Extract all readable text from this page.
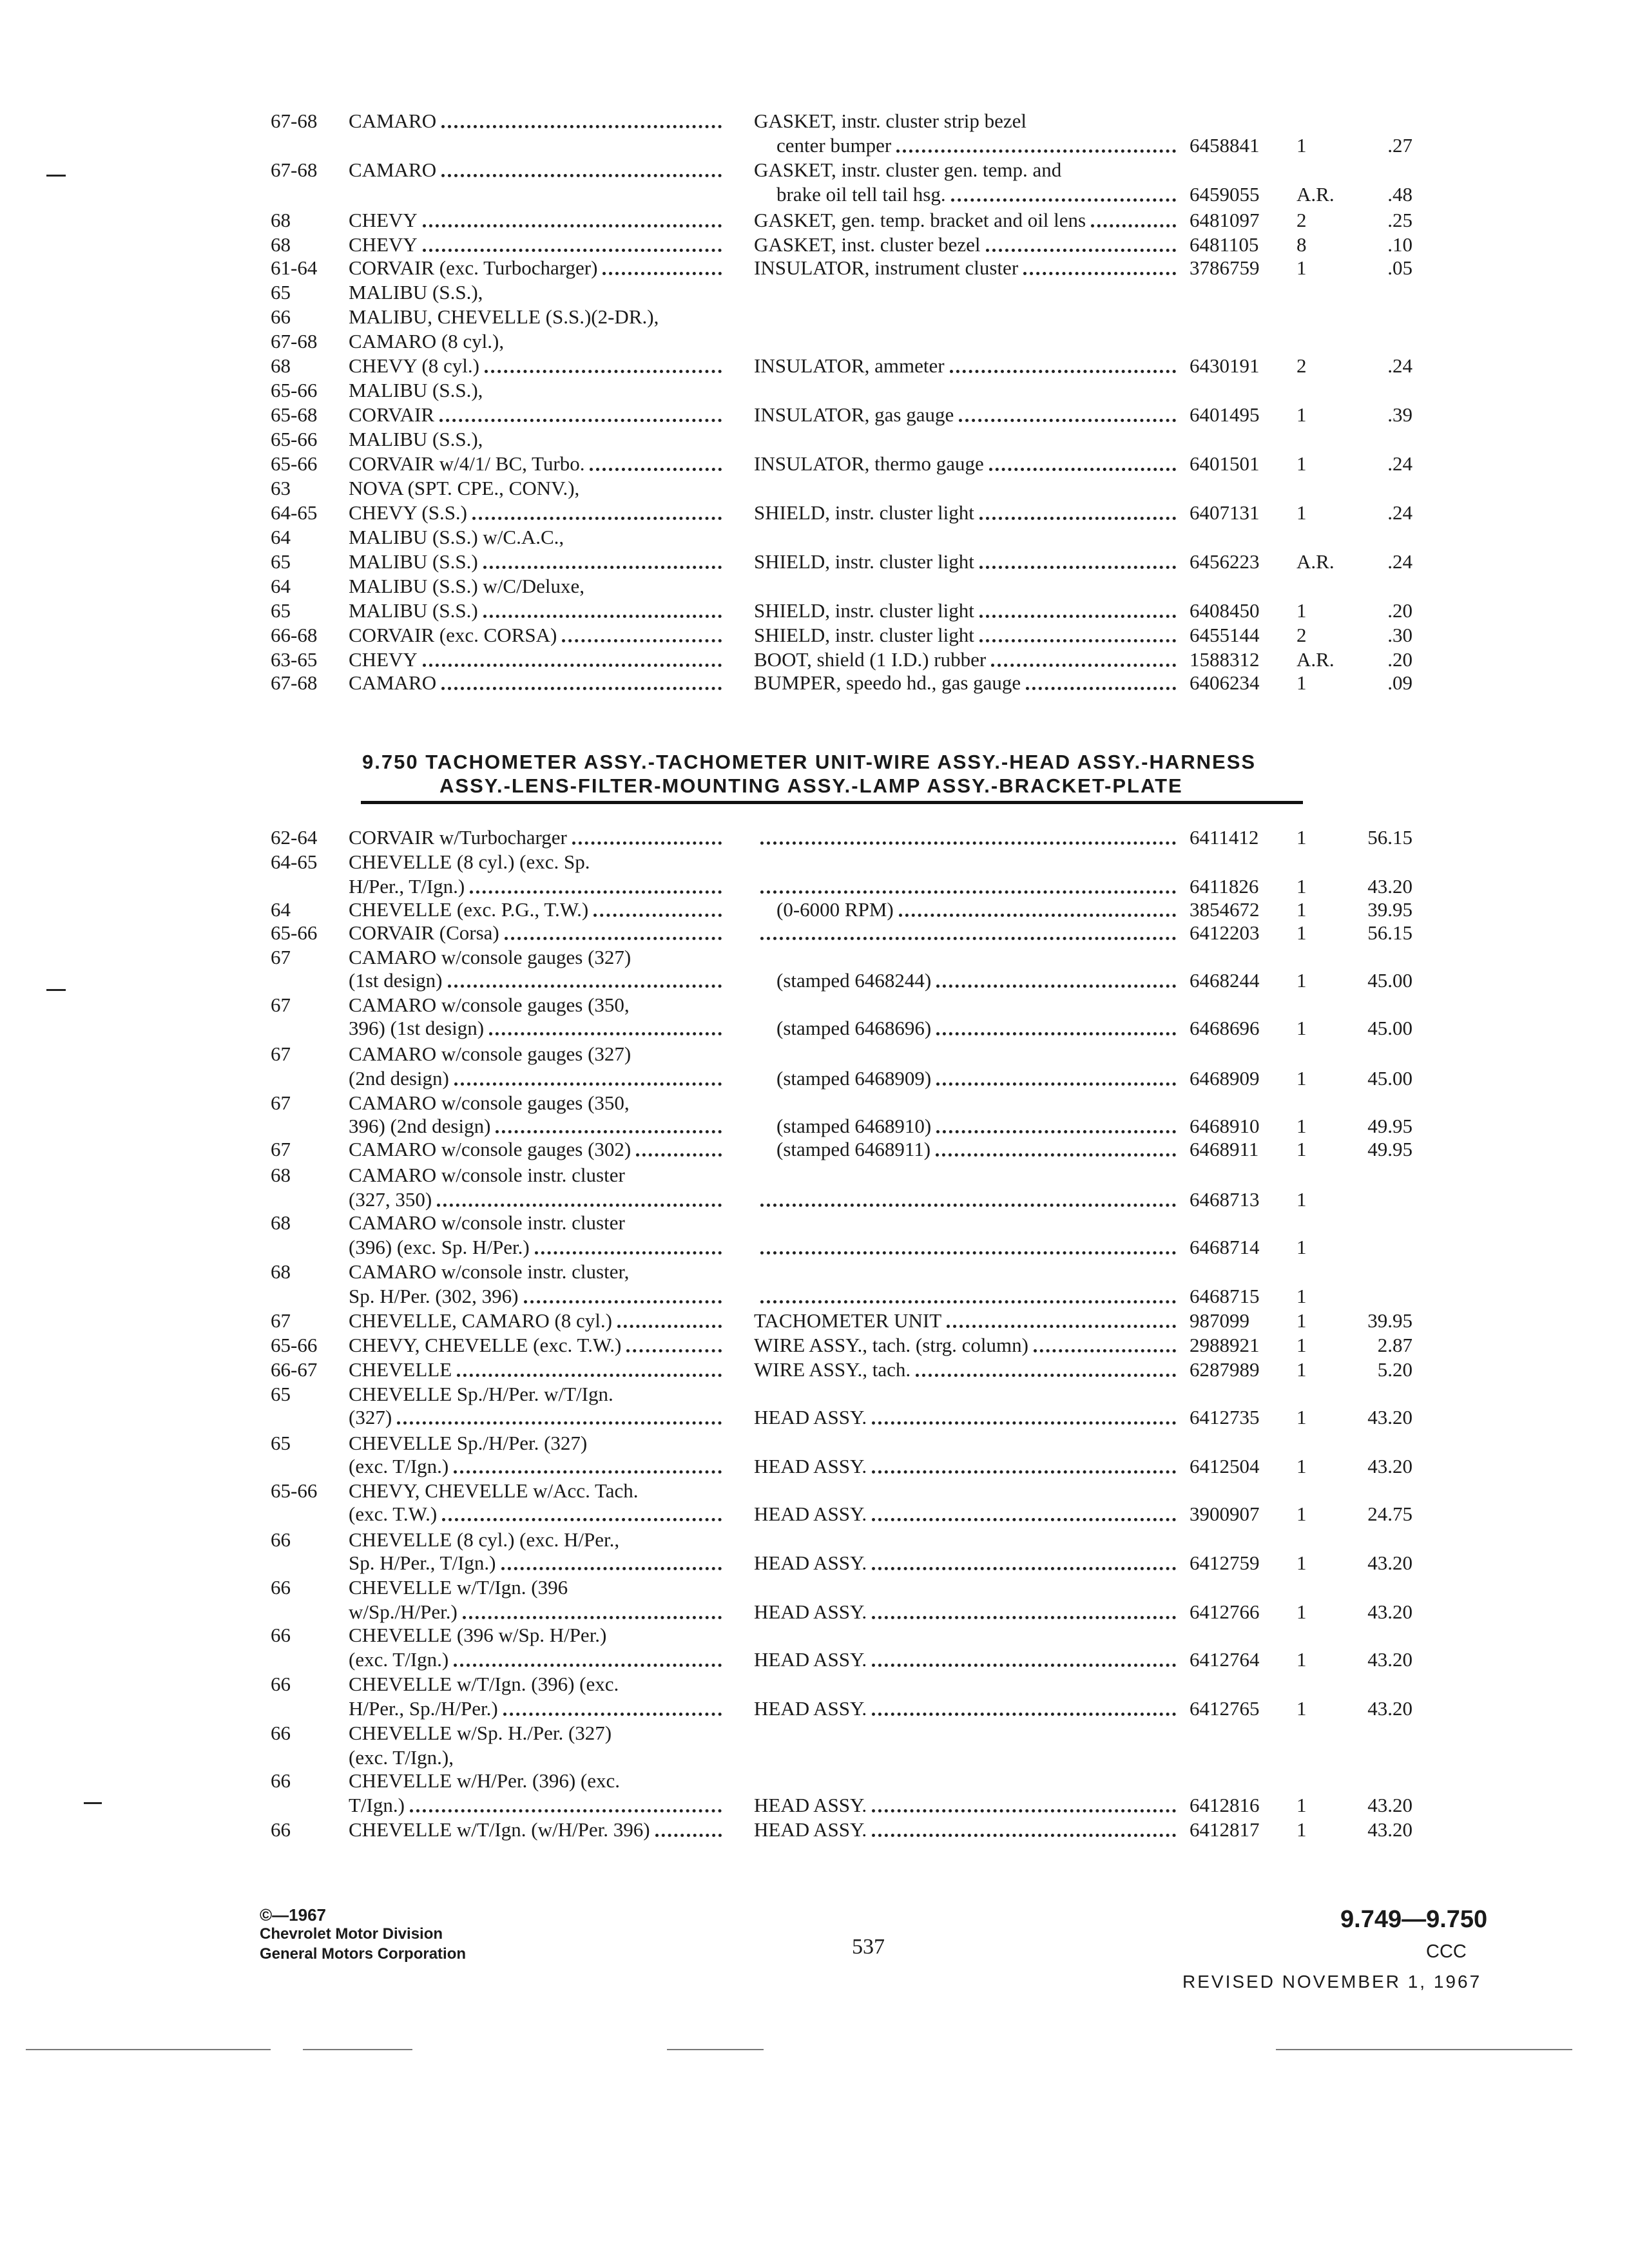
67-68 CAMARO	GASKET, instr. cluster strip bezel
center bumper	6458841 1	.27
67-68 CAMARO	GASKET, instr. cluster gen. temp. and
brake oil tell tail hsg.	6459055 A.R.	.48
68	CHEVY	GASKET, gen. temp. bracket and oil lens	6481097 2	.25
68	CHEVY	GASKET, inst. cluster bezel	6481105 8	.10
61-64 CORVAIR (exc. Turbocharger)	INSULATOR, instrument cluster	3786759 1	.05
65	MALIBU (S.S.),
66	MALIBU, CHEVELLE (S.S.)(2-DR.),
67-68 CAMARO (8 cyl.),
68	CHEVY (8 cyl.)	INSULATOR, ammeter	6430191 2	.24
65-66 MALIBU (S.S.),
65-68 CORVAIR	INSULATOR, gas gauge	6401495 1	.39
65-66 MALIBU (S.S.),
65-66 CORVAIR w/4/1/ BC, Turbo.	INSULATOR, thermo gauge	6401501 1	.24
63	NOVA (SPT. CPE., CONV.),
64-65 CHEVY (S.S.)	SHIELD, instr. cluster light	6407131 1	.24
64	MALIBU (S.S.) w/C.A.C.,
65	MALIBU (S.S.)	SHIELD, instr. cluster light	6456223 A.R.	.24
64	MALIBU (S.S.) w/C/Deluxe,
65	MALIBU (S.S.)	SHIELD, instr. cluster light	6408450 1	.20
66-68 CORVAIR (exc. CORSA)	SHIELD, instr. cluster light	6455144 2	.30
63-65 CHEVY	BOOT, shield (1 I.D.) rubber	1588312 A.R.	.20
67-68 CAMARO	BUMPER, speedo hd., gas gauge	6406234 1	.09
9.750 TACHOMETER ASSY.-TACHOMETER UNIT-WIRE ASSY.-HEAD ASSY.-HARNESS
ASSY.-LENS-FILTER-MOUNTING ASSY.-LAMP ASSY.-BRACKET-PLATE
62-64 CORVAIR w/Turbocharger	6411412 1	56.15
64-65 CHEVELLE (8 cyl.) (exc. Sp.
H/Per., T/Ign.)	6411826 1	43.20
64	CHEVELLE (exc. P.G., T.W.)	(0-6000 RPM)	3854672 1	39.95
65-66 CORVAIR (Corsa)	6412203 1	56.15
67	CAMARO w/console gauges (327)
(1st design)	(stamped 6468244)	6468244 1	45.00
67	CAMARO w/console gauges (350,
396) (1st design)	(stamped 6468696)	6468696 1	45.00
67	CAMARO w/console gauges (327)
(2nd design)	(stamped 6468909)	6468909 1	45.00
67	CAMARO w/console gauges (350,
396) (2nd design)	(stamped 6468910)	6468910 1	49.95
67	CAMARO w/console gauges (302)	(stamped 6468911)	6468911 1	49.95
68	CAMARO w/console instr. cluster
(327, 350)	6468713 1
68	CAMARO w/console instr. cluster
(396) (exc. Sp. H/Per.)	6468714 1
68	CAMARO w/console instr. cluster,
Sp. H/Per. (302, 396)	6468715 1
67	CHEVELLE, CAMARO (8 cyl.)	TACHOMETER UNIT	987099 1	39.95
65-66 CHEVY, CHEVELLE (exc. T.W.)	WIRE ASSY., tach. (strg. column)	2988921 1	2.87
66-67 CHEVELLE	WIRE ASSY., tach.	6287989 1	5.20
65	CHEVELLE Sp./H/Per. w/T/Ign.
(327)	HEAD ASSY.	6412735 1	43.20
65	CHEVELLE Sp./H/Per. (327)
(exc. T/Ign.)	HEAD ASSY.	6412504 1	43.20
65-66 CHEVY, CHEVELLE w/Acc. Tach.
(exc. T.W.)	HEAD ASSY.	3900907 1	24.75
66	CHEVELLE (8 cyl.) (exc. H/Per.,
Sp. H/Per., T/Ign.)	HEAD ASSY.	6412759 1	43.20
66	CHEVELLE w/T/Ign. (396
w/Sp./H/Per.)	HEAD ASSY.	6412766 1	43.20
66	CHEVELLE (396 w/Sp. H/Per.)
(exc. T/Ign.)	HEAD ASSY.	6412764 1	43.20
66	CHEVELLE w/T/Ign. (396) (exc.
H/Per., Sp./H/Per.)	HEAD ASSY.	6412765 1	43.20
66	CHEVELLE w/Sp. H./Per. (327)
(exc. T/Ign.),
66	CHEVELLE w/H/Per. (396) (exc.
T/Ign.)	HEAD ASSY.	6412816 1	43.20
66	CHEVELLE w/T/Ign. (w/H/Per. 396)	HEAD ASSY.	6412817 1	43.20
©—1967
Chevrolet Motor Division
General Motors Corporation	537
9.749—9.750
CCC
REVISED NOVEMBER 1, 1967
